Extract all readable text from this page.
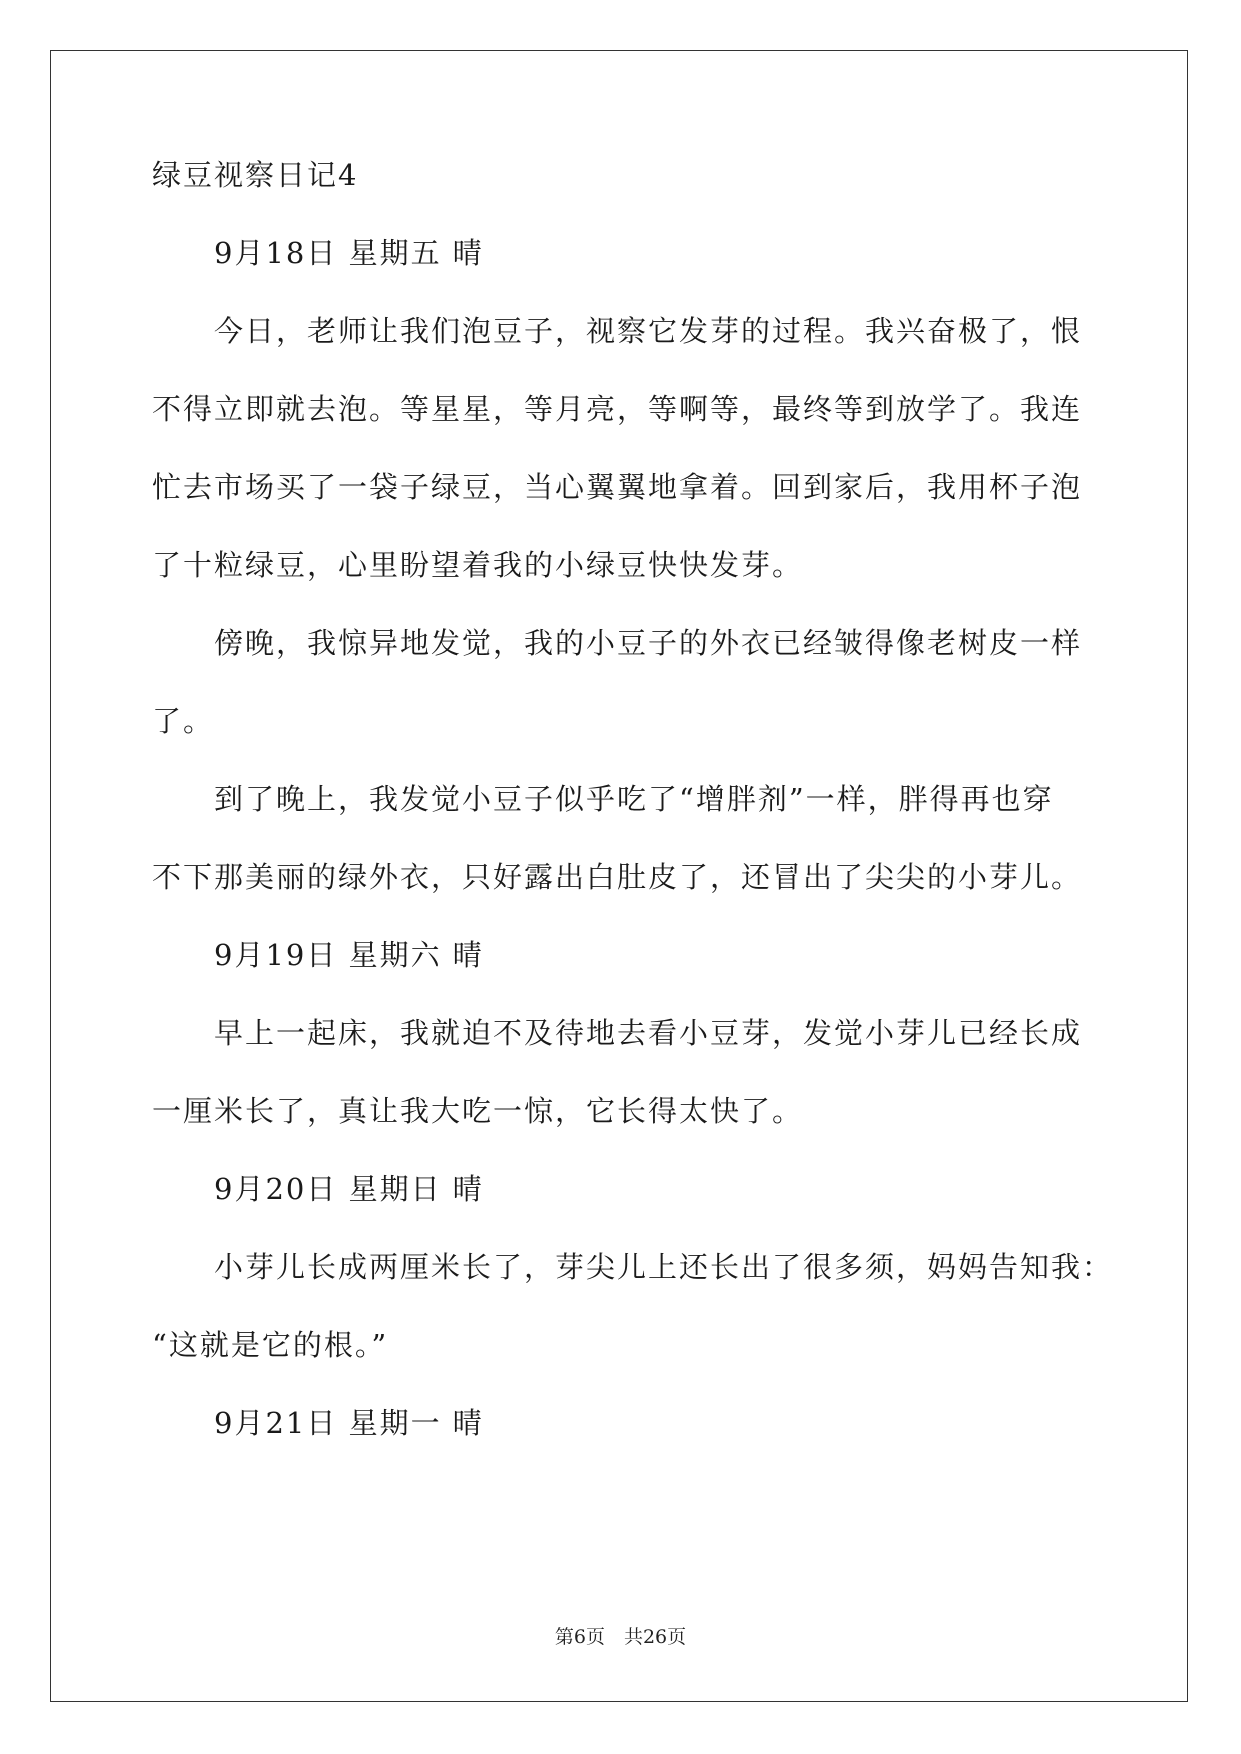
绿豆视察日记4
9月18日 星期五 晴
今日，老师让我们泡豆子，视察它发芽的过程。我兴奋极了，恨
不得立即就去泡。等星星，等月亮，等啊等，最终等到放学了。我连
忙去市场买了一袋子绿豆，当心翼翼地拿着。回到家后，我用杯子泡
了十粒绿豆，心里盼望着我的小绿豆快快发芽。
傍晚，我惊异地发觉，我的小豆子的外衣已经皱得像老树皮一样
了。
到了晚上，我发觉小豆子似乎吃了“增胖剂”一样，胖得再也穿
不下那美丽的绿外衣，只好露出白肚皮了，还冒出了尖尖的小芽儿。
9月19日 星期六 晴
早上一起床，我就迫不及待地去看小豆芽，发觉小芽儿已经长成
一厘米长了，真让我大吃一惊，它长得太快了。
9月20日 星期日 晴
小芽儿长成两厘米长了，芽尖儿上还长出了很多须，妈妈告知我：
“这就是它的根。”
9月21日 星期一 晴
第6页　共26页
